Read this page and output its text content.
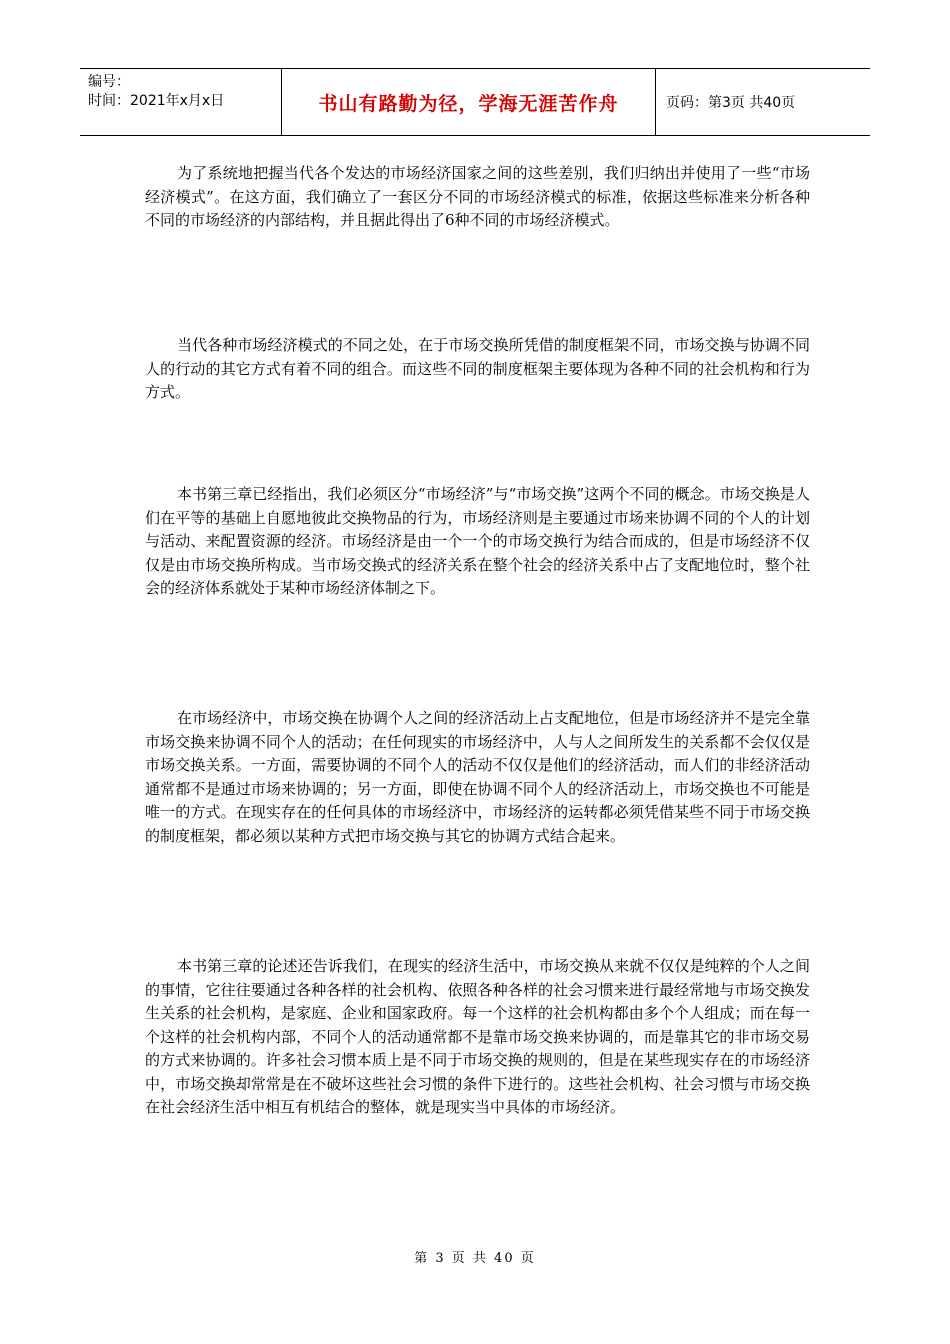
编号：
时间：2021年x月x日	书山有路勤为径，学海无涯苦作舟	页码：第3页 共40页

为了系统地把握当代各个发达的市场经济国家之间的这些差别，我们归纳出并使用了一些“市场经济模式”。在这方面，我们确立了一套区分不同的市场经济模式的标准，依据这些标准来分析各种不同的市场经济的内部结构，并且据此得出了6种不同的市场经济模式。

当代各种市场经济模式的不同之处，在于市场交换所凭借的制度框架不同，市场交换与协调不同人的行动的其它方式有着不同的组合。而这些不同的制度框架主要体现为各种不同的社会机构和行为方式。

本书第三章已经指出，我们必须区分“市场经济”与“市场交换”这两个不同的概念。市场交换是人们在平等的基础上自愿地彼此交换物品的行为，市场经济则是主要通过市场来协调不同的个人的计划与活动、来配置资源的经济。市场经济是由一个一个的市场交换行为结合而成的，但是市场经济不仅仅是由市场交换所构成。当市场交换式的经济关系在整个社会的经济关系中占了支配地位时，整个社会的经济体系就处于某种市场经济体制之下。

在市场经济中，市场交换在协调个人之间的经济活动上占支配地位，但是市场经济并不是完全靠市场交换来协调不同个人的活动；在任何现实的市场经济中，人与人之间所发生的关系都不会仅仅是市场交换关系。一方面，需要协调的不同个人的活动不仅仅是他们的经济活动，而人们的非经济活动通常都不是通过市场来协调的；另一方面，即使在协调不同个人的经济活动上，市场交换也不可能是唯一的方式。在现实存在的任何具体的市场经济中，市场经济的运转都必须凭借某些不同于市场交换的制度框架，都必须以某种方式把市场交换与其它的协调方式结合起来。

本书第三章的论述还告诉我们，在现实的经济生活中，市场交换从来就不仅仅是纯粹的个人之间的事情，它往往要通过各种各样的社会机构、依照各种各样的社会习惯来进行最经常地与市场交换发生关系的社会机构，是家庭、企业和国家政府。每一个这样的社会机构都由多个个人组成；而在每一个这样的社会机构内部，不同个人的活动通常都不是靠市场交换来协调的，而是靠其它的非市场交易的方式来协调的。许多社会习惯本质上是不同于市场交换的规则的，但是在某些现实存在的市场经济中，市场交换却常常是在不破坏这些社会习惯的条件下进行的。这些社会机构、社会习惯与市场交换在社会经济生活中相互有机结合的整体，就是现实当中具体的市场经济。

第 3 页 共 40 页
